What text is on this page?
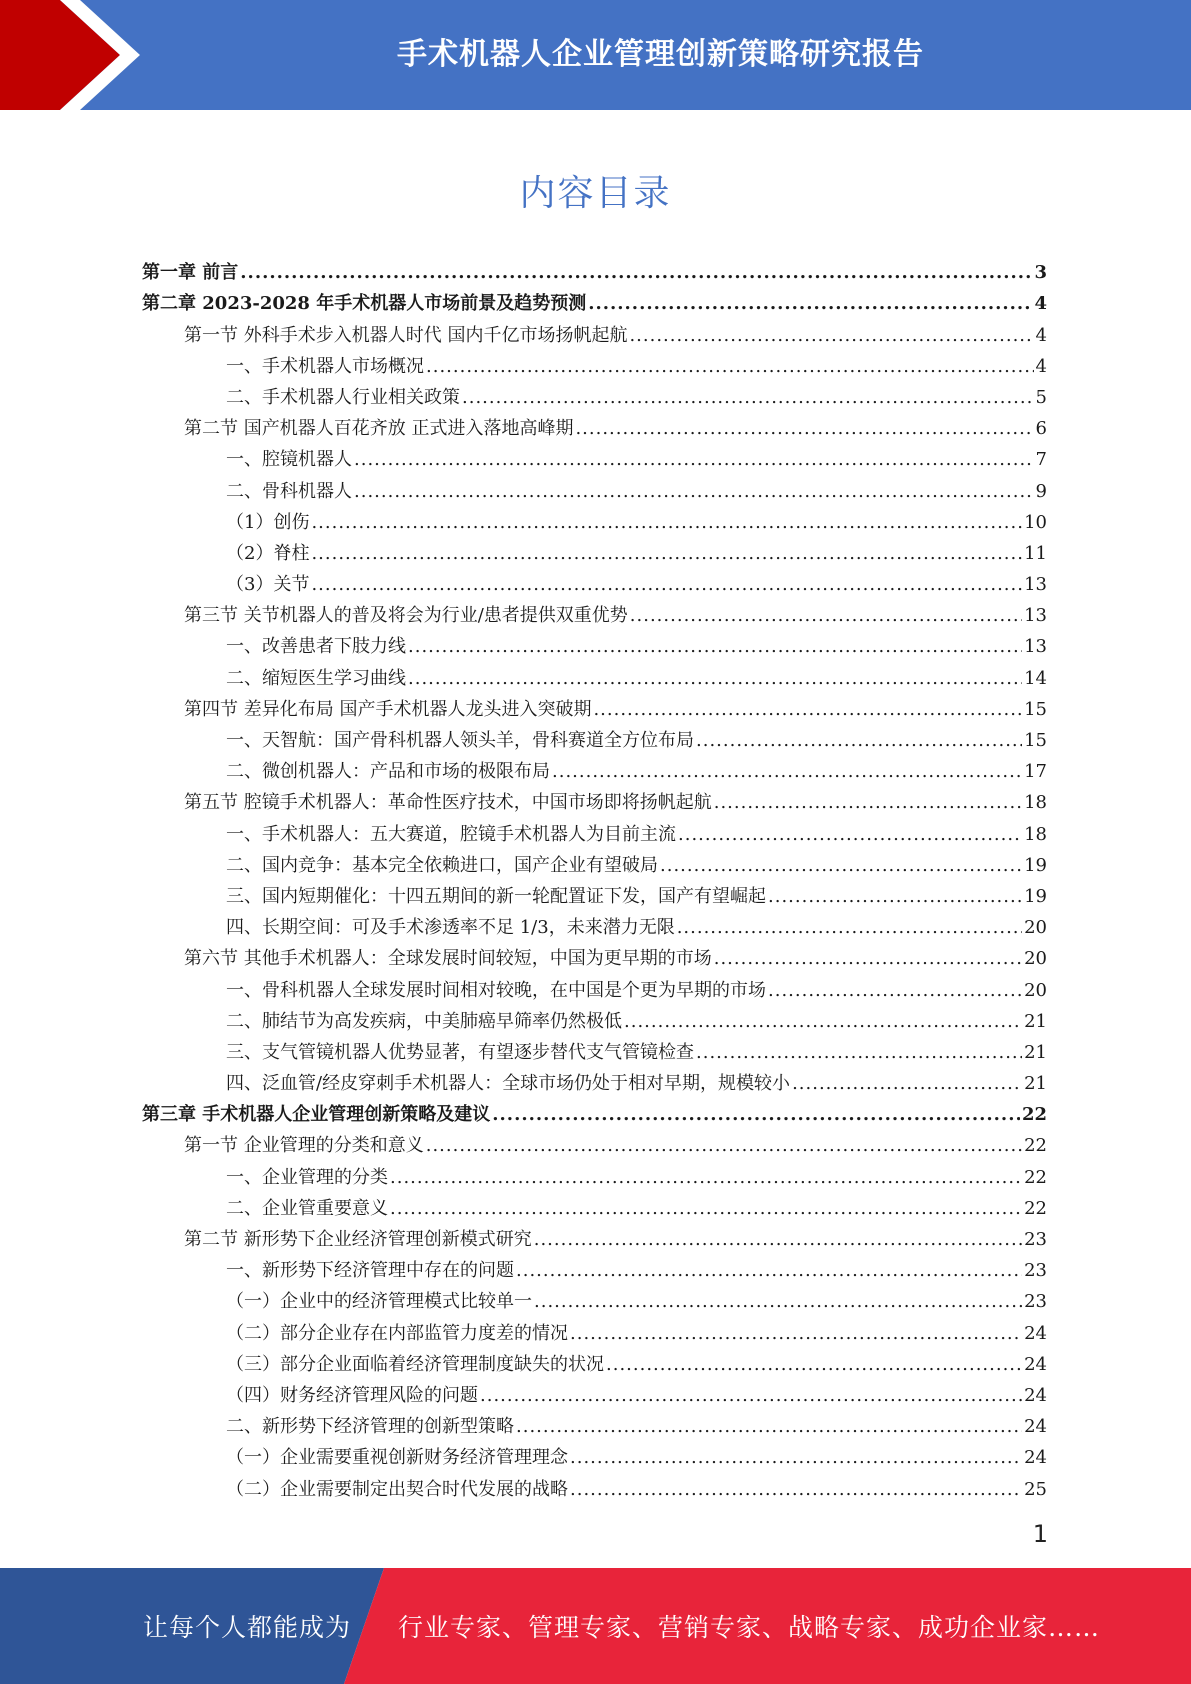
手术机器人企业管理创新策略研究报告
内容目录
第一章 前言 .....	3
第二章 2023-2028 年手术机器人市场前景及趋势预测 .....	4
第一节 外科手术步入机器人时代 国内千亿市场扬帆起航 .....	4
一、手术机器人市场概况 .....	4
二、手术机器人行业相关政策 .....	5
第二节 国产机器人百花齐放 正式进入落地高峰期 .....	6
一、腔镜机器人 .....	7
二、骨科机器人 .....	9
（1）创伤 .....	10
（2）脊柱 .....	11
（3）关节 .....	13
第三节 关节机器人的普及将会为行业/患者提供双重优势 .....	13
一、改善患者下肢力线 .....	13
二、缩短医生学习曲线 .....	14
第四节 差异化布局 国产手术机器人龙头进入突破期 .....	15
一、天智航：国产骨科机器人领头羊，骨科赛道全方位布局 .....	15
二、微创机器人：产品和市场的极限布局 .....	17
第五节 腔镜手术机器人：革命性医疗技术，中国市场即将扬帆起航 .....	18
一、手术机器人：五大赛道，腔镜手术机器人为目前主流 .....	18
二、国内竞争：基本完全依赖进口，国产企业有望破局 .....	19
三、国内短期催化：十四五期间的新一轮配置证下发，国产有望崛起 .....	19
四、长期空间：可及手术渗透率不足 1/3，未来潜力无限 .....	20
第六节 其他手术机器人：全球发展时间较短，中国为更早期的市场 .....	20
一、骨科机器人全球发展时间相对较晚，在中国是个更为早期的市场 .....	20
二、肺结节为高发疾病，中美肺癌早筛率仍然极低 .....	21
三、支气管镜机器人优势显著，有望逐步替代支气管镜检查 .....	21
四、泛血管/经皮穿刺手术机器人：全球市场仍处于相对早期，规模较小 .....	21
第三章 手术机器人企业管理创新策略及建议 .....	22
第一节 企业管理的分类和意义 .....	22
一、企业管理的分类 .....	22
二、企业管重要意义 .....	22
第二节 新形势下企业经济管理创新模式研究 .....	23
一、新形势下经济管理中存在的问题 .....	23
（一）企业中的经济管理模式比较单一 .....	23
（二）部分企业存在内部监管力度差的情况 .....	24
（三）部分企业面临着经济管理制度缺失的状况 .....	24
（四）财务经济管理风险的问题 .....	24
二、新形势下经济管理的创新型策略 .....	24
（一）企业需要重视创新财务经济管理理念 .....	24
（二）企业需要制定出契合时代发展的战略 .....	25
1
让每个人都能成为 行业专家、管理专家、营销专家、战略专家、成功企业家……
